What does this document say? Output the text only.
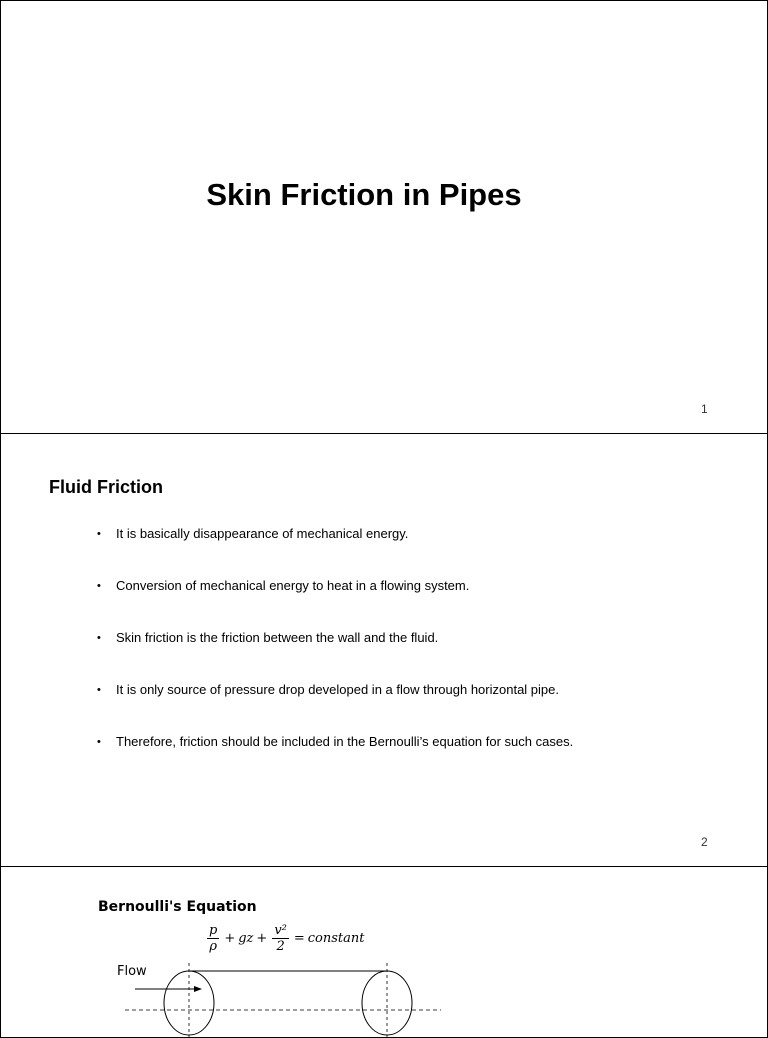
Skin Friction in Pipes
1
Fluid Friction
• It is basically disappearance of mechanical energy.
• Conversion of mechanical energy to heat in a flowing system.
• Skin friction is the friction between the wall and the fluid.
• It is only source of pressure drop developed in a flow through horizontal pipe.
• Therefore, friction should be included in the Bernoulli’s equation for such cases.
2
Bernoulli's Equation
$\frac{p}{\rho}$ + gz + $\frac{\text{v²}}{2}$ = constant
Flow
